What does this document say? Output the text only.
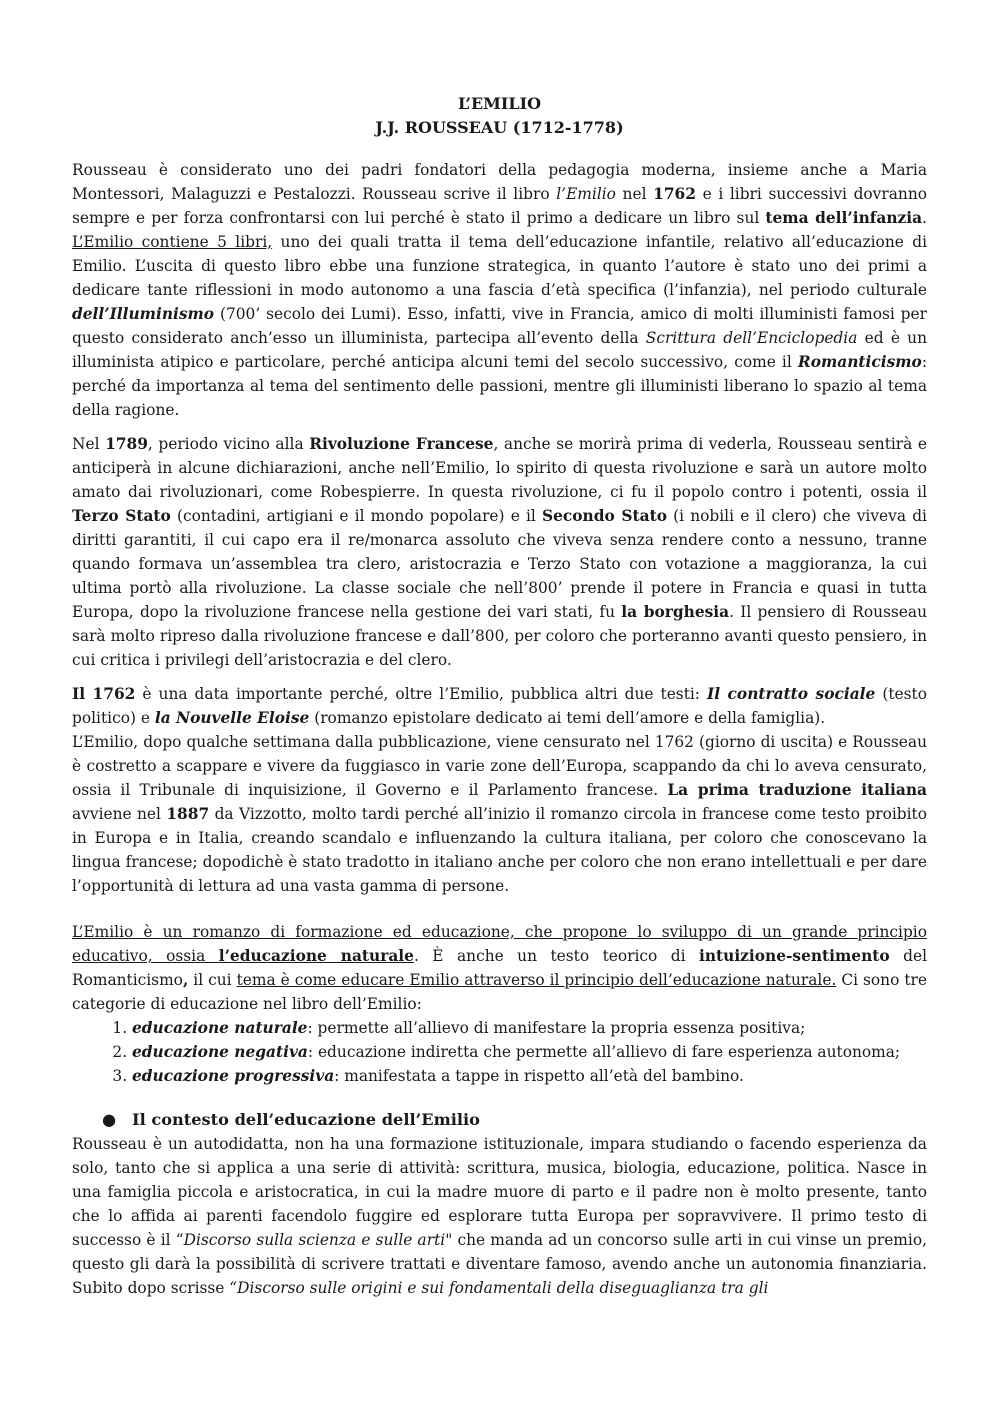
L’EMILIO
J.J. ROUSSEAU (1712-1778)

Rousseau è considerato uno dei padri fondatori della pedagogia moderna, insieme anche a Maria Montessori, Malaguzzi e Pestalozzi. Rousseau scrive il libro l’Emilio nel 1762 e i libri successivi dovranno sempre e per forza confrontarsi con lui perché è stato il primo a dedicare un libro sul tema dell’infanzia. L’Emilio contiene 5 libri, uno dei quali tratta il tema dell’educazione infantile, relativo all’educazione di Emilio. L’uscita di questo libro ebbe una funzione strategica, in quanto l’autore è stato uno dei primi a dedicare tante riflessioni in modo autonomo a una fascia d’età specifica (l’infanzia), nel periodo culturale dell’Illuminismo (700’ secolo dei Lumi). Esso, infatti, vive in Francia, amico di molti illuministi famosi per questo considerato anch’esso un illuminista, partecipa all’evento della Scrittura dell’Enciclopedia ed è un illuminista atipico e particolare, perché anticipa alcuni temi del secolo successivo, come il Romanticismo: perché da importanza al tema del sentimento delle passioni, mentre gli illuministi liberano lo spazio al tema della ragione.

Nel 1789, periodo vicino alla Rivoluzione Francese, anche se morirà prima di vederla, Rousseau sentirà e anticiperà in alcune dichiarazioni, anche nell’Emilio, lo spirito di questa rivoluzione e sarà un autore molto amato dai rivoluzionari, come Robespierre. In questa rivoluzione, ci fu il popolo contro i potenti, ossia il Terzo Stato (contadini, artigiani e il mondo popolare) e il Secondo Stato (i nobili e il clero) che viveva di diritti garantiti, il cui capo era il re/monarca assoluto che viveva senza rendere conto a nessuno, tranne quando formava un’assemblea tra clero, aristocrazia e Terzo Stato con votazione a maggioranza, la cui ultima portò alla rivoluzione. La classe sociale che nell’800’ prende il potere in Francia e quasi in tutta Europa, dopo la rivoluzione francese nella gestione dei vari stati, fu la borghesia. Il pensiero di Rousseau sarà molto ripreso dalla rivoluzione francese e dall’800, per coloro che porteranno avanti questo pensiero, in cui critica i privilegi dell’aristocrazia e del clero.

Il 1762 è una data importante perché, oltre l’Emilio, pubblica altri due testi: Il contratto sociale (testo politico) e la Nouvelle Eloise (romanzo epistolare dedicato ai temi dell’amore e della famiglia).

L’Emilio, dopo qualche settimana dalla pubblicazione, viene censurato nel 1762 (giorno di uscita) e Rousseau è costretto a scappare e vivere da fuggiasco in varie zone dell’Europa, scappando da chi lo aveva censurato, ossia il Tribunale di inquisizione, il Governo e il Parlamento francese. La prima traduzione italiana avviene nel 1887 da Vizzotto, molto tardi perché all’inizio il romanzo circola in francese come testo proibito in Europa e in Italia, creando scandalo e influenzando la cultura italiana, per coloro che conoscevano la lingua francese; dopodichè è stato tradotto in italiano anche per coloro che non erano intellettuali e per dare l’opportunità di lettura ad una vasta gamma di persone.

L’Emilio è un romanzo di formazione ed educazione, che propone lo sviluppo di un grande principio educativo, ossia l’educazione naturale. È anche un testo teorico di intuizione-sentimento del Romanticismo, il cui tema è come educare Emilio attraverso il principio dell’educazione naturale. Ci sono tre categorie di educazione nel libro dell’Emilio:

1. educazione naturale: permette all’allievo di manifestare la propria essenza positiva;
2. educazione negativa: educazione indiretta che permette all’allievo di fare esperienza autonoma;
3. educazione progressiva: manifestata a tappe in rispetto all’età del bambino.
● Il contesto dell’educazione dell’Emilio

Rousseau è un autodidatta, non ha una formazione istituzionale, impara studiando o facendo esperienza da solo, tanto che si applica a una serie di attività: scrittura, musica, biologia, educazione, politica. Nasce in una famiglia piccola e aristocratica, in cui la madre muore di parto e il padre non è molto presente, tanto che lo affida ai parenti facendolo fuggire ed esplorare tutta Europa per sopravvivere. Il primo testo di successo è il “Discorso sulla scienza e sulle arti" che manda ad un concorso sulle arti in cui vinse un premio, questo gli darà la possibilità di scrivere trattati e diventare famoso, avendo anche un autonomia finanziaria. Subito dopo scrisse “Discorso sulle origini e sui fondamentali della diseguaglianza tra gli
